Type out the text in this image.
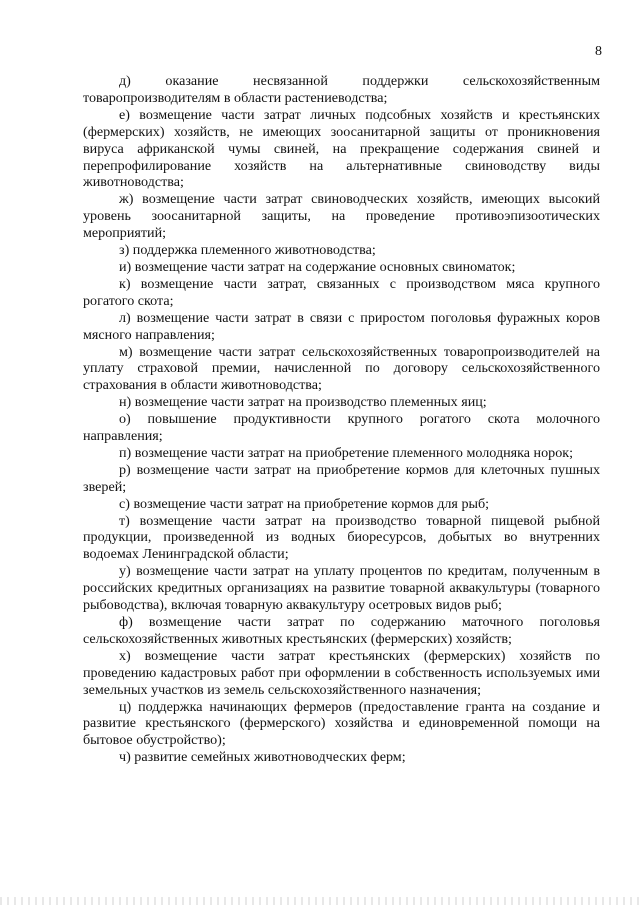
8

д) оказание несвязанной поддержки сельскохозяйственным товаропроизводителям в области растениеводства;

е) возмещение части затрат личных подсобных хозяйств и крестьянских (фермерских) хозяйств, не имеющих зоосанитарной защиты от проникновения вируса африканской чумы свиней, на прекращение содержания свиней и перепрофилирование хозяйств на альтернативные свиноводству виды животноводства;

ж) возмещение части затрат свиноводческих хозяйств, имеющих высокий уровень зоосанитарной защиты, на проведение противоэпизоотических мероприятий;

з) поддержка племенного животноводства;

и) возмещение части затрат на содержание основных свиноматок;

к) возмещение части затрат, связанных с производством мяса крупного рогатого скота;

л) возмещение части затрат в связи с приростом поголовья фуражных коров мясного направления;

м) возмещение части затрат сельскохозяйственных товаропроизводителей на уплату страховой премии, начисленной по договору сельскохозяйственного страхования в области животноводства;

н) возмещение части затрат на производство племенных яиц;

о) повышение продуктивности крупного рогатого скота молочного направления;

п) возмещение части затрат на приобретение племенного молодняка норок;

р) возмещение части затрат на приобретение кормов для клеточных пушных зверей;

с) возмещение части затрат на приобретение кормов для рыб;

т) возмещение части затрат на производство товарной пищевой рыбной продукции, произведенной из водных биоресурсов, добытых во внутренних водоемах Ленинградской области;

у) возмещение части затрат на уплату процентов по кредитам, полученным в российских кредитных организациях на развитие товарной аквакультуры (товарного рыбоводства), включая товарную аквакультуру осетровых видов рыб;

ф) возмещение части затрат по содержанию маточного поголовья сельскохозяйственных животных крестьянских (фермерских) хозяйств;

х) возмещение части затрат крестьянских (фермерских) хозяйств по проведению кадастровых работ при оформлении в собственность используемых ими земельных участков из земель сельскохозяйственного назначения;

ц) поддержка начинающих фермеров (предоставление гранта на создание и развитие крестьянского (фермерского) хозяйства и единовременной помощи на бытовое обустройство);

ч) развитие семейных животноводческих ферм;
